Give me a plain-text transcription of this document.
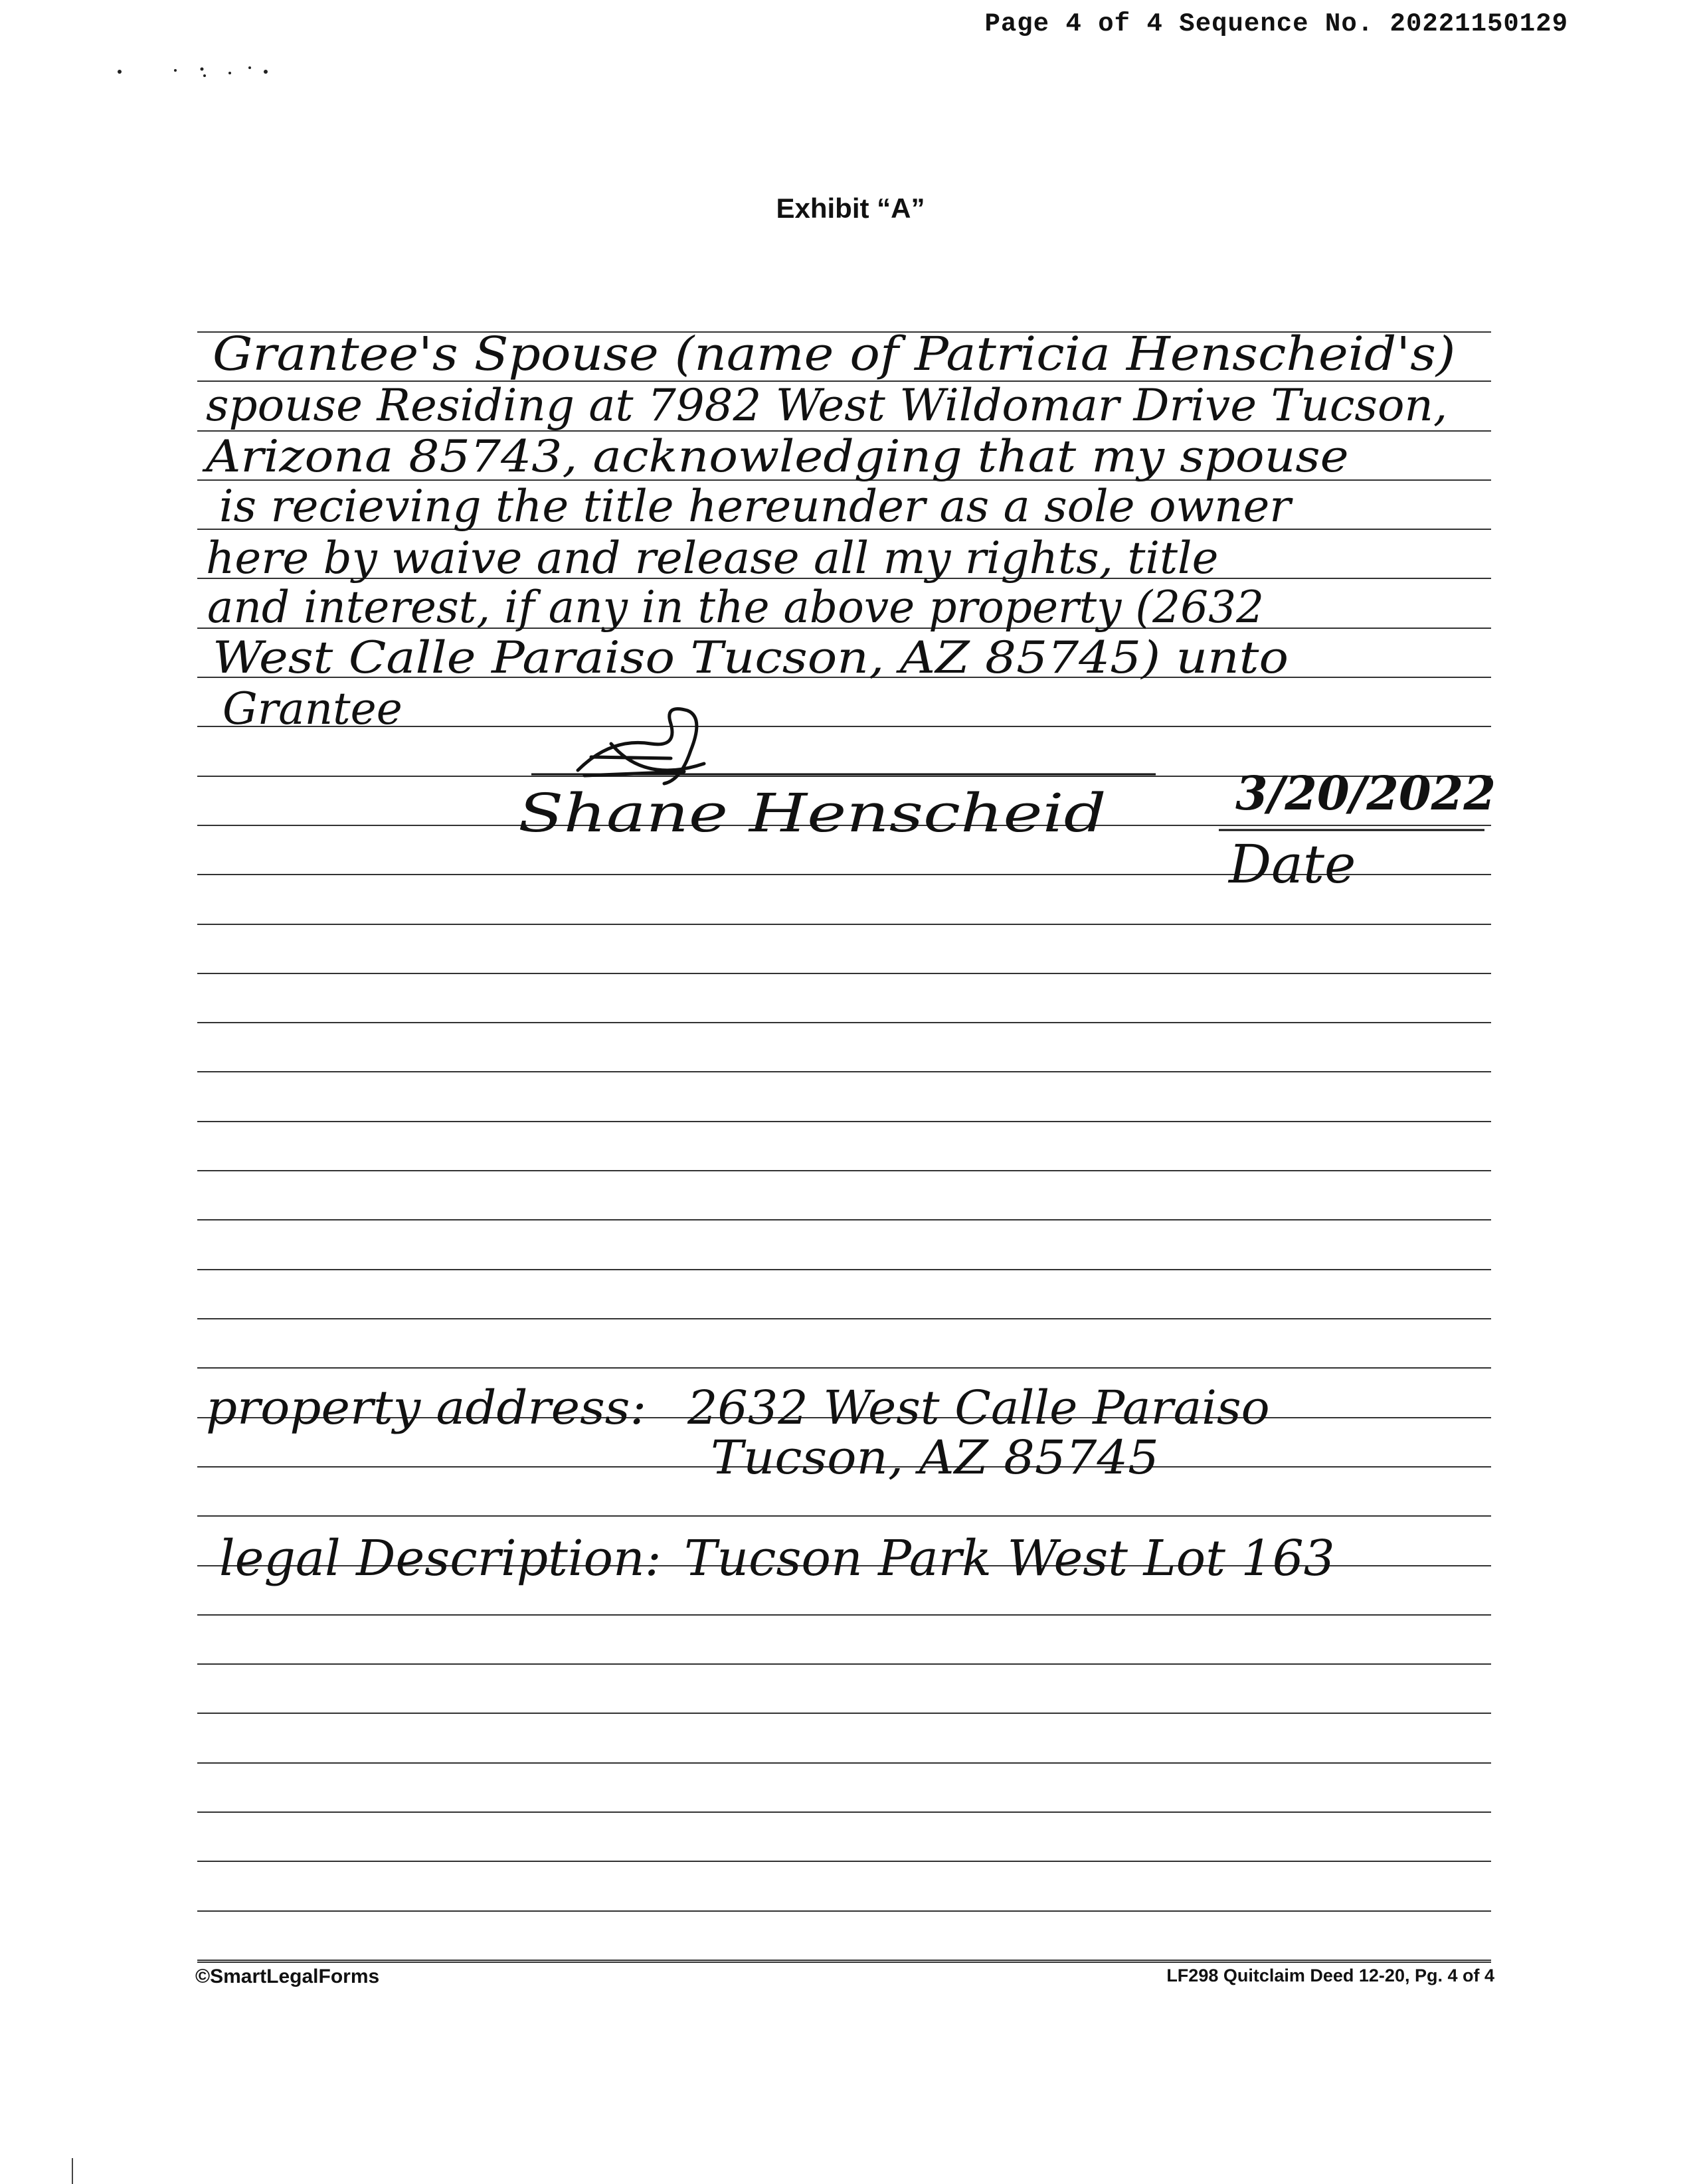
Page 4 of 4 Sequence No. 20221150129
Exhibit “A”
Grantee's Spouse (name of Patricia Henscheid's)
spouse Residing at 7982 West Wildomar Drive Tucson,
Arizona 85743, acknowledging that my spouse
is recieving the title hereunder as a sole owner
here by waive and release all my rights, title
and interest, if any in the above property (2632
West Calle Paraiso Tucson, AZ 85745) unto
Grantee
Shane Henscheid	3/20/2022
Date
property address: 2632 West Calle Paraiso
Tucson, AZ 85745
legal Description: Tucson Park West Lot 163
©SmartLegalForms	LF298 Quitclaim Deed 12-20, Pg. 4 of 4
